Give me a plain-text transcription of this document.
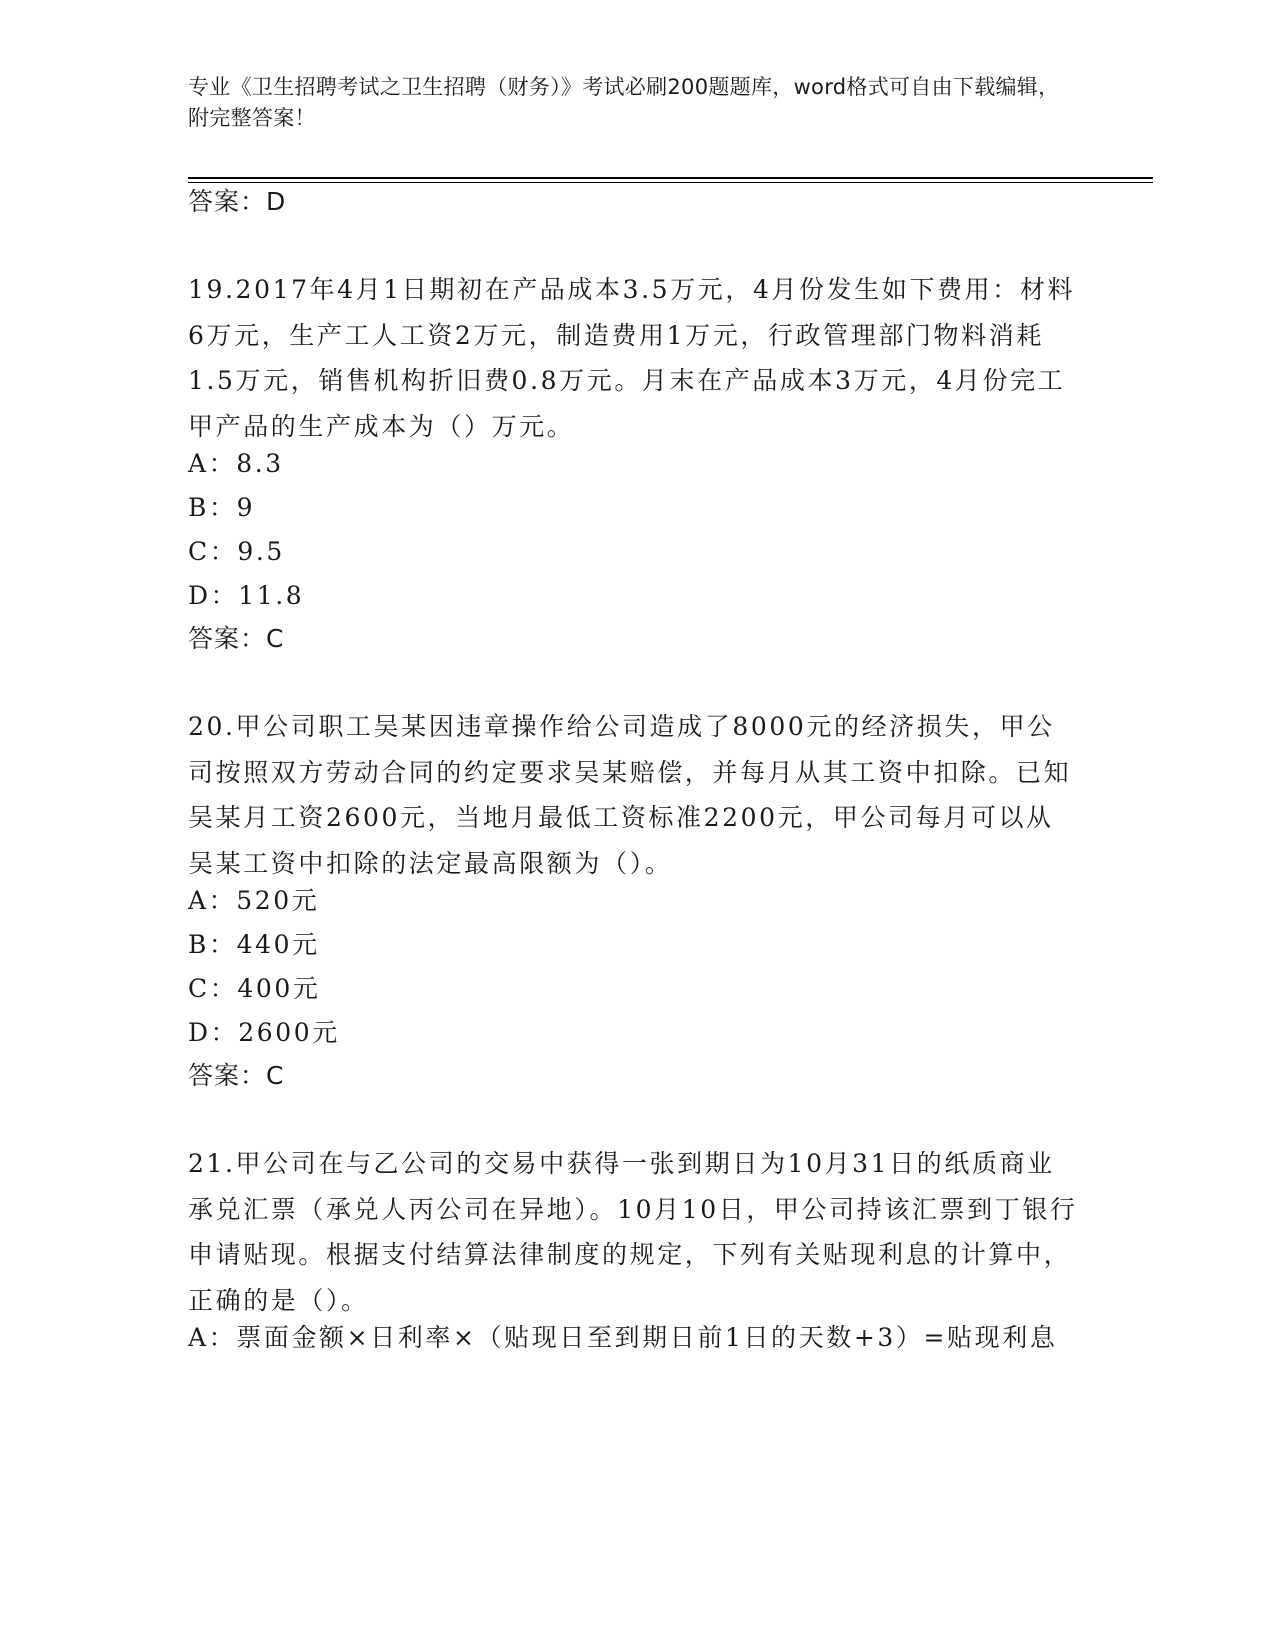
专业《卫生招聘考试之卫生招聘（财务）》考试必刷200题题库，word格式可自由下载编辑，附完整答案！
答案：D
19.2017年4月1日期初在产品成本3.5万元，4月份发生如下费用：材料6万元，生产工人工资2万元，制造费用1万元，行政管理部门物料消耗1.5万元，销售机构折旧费0.8万元。月末在产品成本3万元，4月份完工甲产品的生产成本为（）万元。
A：8.3
B：9
C：9.5
D：11.8
答案：C
20.甲公司职工吴某因违章操作给公司造成了8000元的经济损失，甲公司按照双方劳动合同的约定要求吴某赔偿，并每月从其工资中扣除。已知吴某月工资2600元，当地月最低工资标准2200元，甲公司每月可以从吴某工资中扣除的法定最高限额为（）。
A：520元
B：440元
C：400元
D：2600元
答案：C
21.甲公司在与乙公司的交易中获得一张到期日为10月31日的纸质商业承兑汇票（承兑人丙公司在异地）。10月10日，甲公司持该汇票到丁银行申请贴现。根据支付结算法律制度的规定，下列有关贴现利息的计算中，正确的是（）。
A：票面金额×日利率×（贴现日至到期日前1日的天数+3）=贴现利息
